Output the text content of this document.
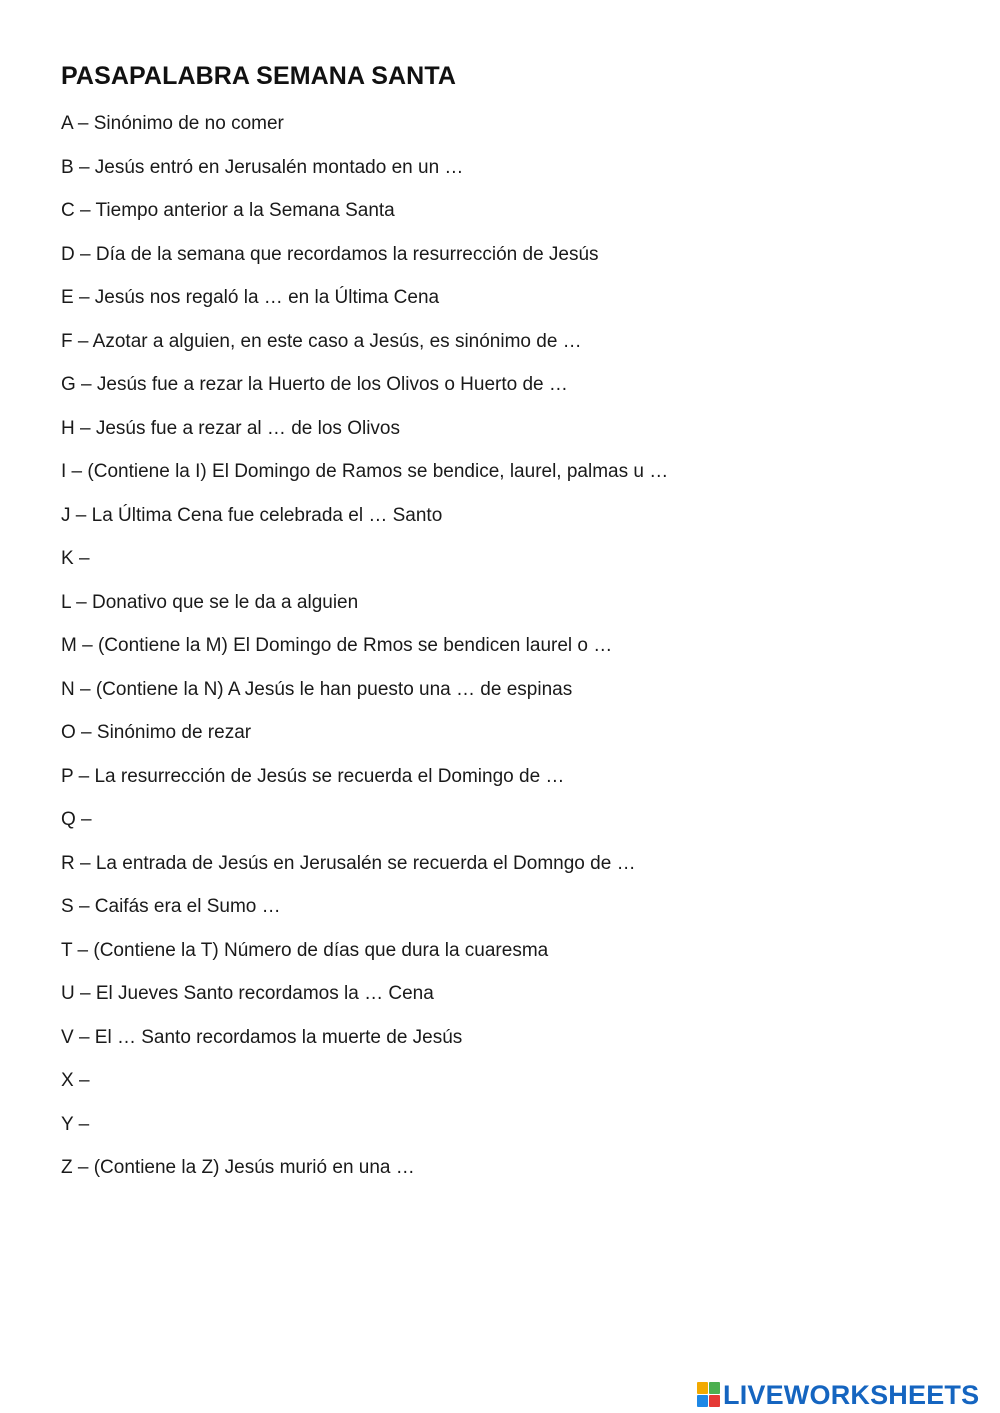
PASAPALABRA SEMANA SANTA
A – Sinónimo de no comer
B – Jesús entró en Jerusalén montado en un …
C – Tiempo anterior a la Semana Santa
D – Día de la semana que recordamos la resurrección de Jesús
E – Jesús nos regaló la … en la Última Cena
F – Azotar a alguien, en este caso a Jesús, es sinónimo de …
G – Jesús fue a rezar la Huerto de los Olivos o Huerto de …
H – Jesús fue a rezar al … de los Olivos
I – (Contiene la I) El Domingo de Ramos se bendice, laurel, palmas u …
J – La Última Cena fue celebrada el … Santo
K –
L – Donativo que se le da a alguien
M – (Contiene la M) El Domingo de Rmos se bendicen laurel o …
N – (Contiene la N) A Jesús le han puesto una … de espinas
O – Sinónimo de rezar
P – La resurrección de Jesús se recuerda el Domingo de …
Q –
R – La entrada de Jesús en Jerusalén se recuerda el Domngo de …
S – Caifás era el Sumo …
T – (Contiene la T) Número de días que dura la cuaresma
U – El Jueves Santo recordamos la … Cena
V – El … Santo recordamos la muerte de Jesús
X –
Y –
Z – (Contiene la Z) Jesús murió en una …
LIVEWORKSHEETS
